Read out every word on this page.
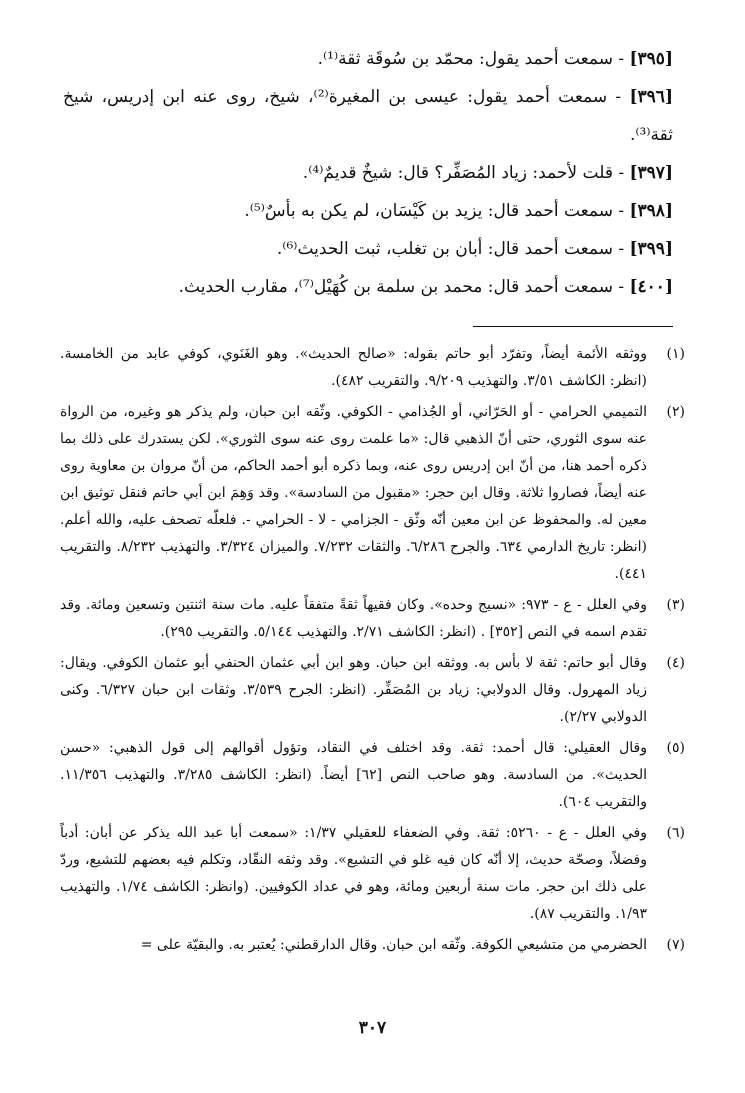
[٣٩٥] - سمعت أحمد يقول: محمّد بن سُوقَة ثقة⁽¹⁾.
[٣٩٦] - سمعت أحمد يقول: عيسى بن المغيرة⁽²⁾، شيخ، روى عنه ابن إدريس، شيخ ثقة⁽³⁾.
[٣٩٧] - قلت لأحمد: زياد المُصَفِّر؟ قال: شيخٌ قديمٌ⁽⁴⁾.
[٣٩٨] - سمعت أحمد قال: يزيد بن كَيْسَان، لم يكن به بأسٌ⁽⁵⁾.
[٣٩٩] - سمعت أحمد قال: أبان بن تغلب، ثبت الحديث⁽⁶⁾.
[٤٠٠] - سمعت أحمد قال: محمد بن سلمة بن كُهَيْل⁽⁷⁾، مقارب الحديث.
(١)
ووثقه الأئمة أيضاً، وتفرّد أبو حاتم بقوله: «صالح الحديث». وهو الغَنَوي، كوفي عابد من الخامسة. (انظر: الكاشف ٣/٥١. والتهذيب ٩/٢٠٩. والتقريب ٤٨٢).
(٢)
التميمي الحرامي - أو الحَرّاني، أو الجُذامي - الكوفي. وثّقه ابن حبان، ولم يذكر هو وغيره، من الرواة عنه سوى الثوري، حتى أنّ الذهبي قال: «ما علمت روى عنه سوى الثوري». لكن يستدرك على ذلك بما ذكره أحمد هنا، من أنّ ابن إدريس روى عنه، وبما ذكره أبو أحمد الحاكم، من أنّ مروان بن معاوية روى عنه أيضاً، فصاروا ثلاثة. وقال ابن حجر: «مقبول من السادسة». وقد وَهِمَ ابن أبي حاتم فنقل توثيق ابن معين له. والمحفوظ عن ابن معين أنّه وثّق - الجزامي - لا - الحرامي -. فلعلّه تصحف عليه، والله أعلم. (انظر: تاريخ الدارمي ٦٣٤. والجرح ٦/٢٨٦. والثقات ٧/٢٣٢. والميزان ٣/٣٢٤. والتهذيب ٨/٢٣٢. والتقريب ٤٤١).
(٣)
وفي العلل - ع - ٩٧٣: «نسيج وحده». وكان فقيهاً ثقةً متفقاً عليه. مات سنة اثنتين وتسعين ومائة. وقد تقدم اسمه في النص [٣٥٢] . (انظر: الكاشف ٢/٧١. والتهذيب ٥/١٤٤. والتقريب ٢٩٥).
(٤)
وقال أبو حاتم: ثقة لا بأس به. ووثقه ابن حبان. وهو ابن أبي عثمان الحنفي أبو عثمان الكوفي. ويقال: زياد المهرول. وقال الدولابي: زياد بن المُصَفِّر. (انظر: الجرح ٣/٥٣٩. وثقات ابن حبان ٦/٣٢٧. وكنى الدولابي ٢/٢٧).
(٥)
وقال العقيلي: قال أحمد: ثقة. وقد اختلف في النقاد، وتؤول أقوالهم إلى قول الذهبي: «حسن الحديث». من السادسة. وهو صاحب النص [٦٢] أيضاً. (انظر: الكاشف ٣/٢٨٥. والتهذيب ١١/٣٥٦. والتقريب ٦٠٤).
(٦)
وفي العلل - ع - ٥٢٦٠: ثقة. وفي الضعفاء للعقيلي ١/٣٧: «سمعت أبا عبد الله يذكر عن أبان: أدباً وفضلاً، وصحّة حديث، إلا أنّه كان فيه غلو في التشيع». وقد وثقه النقّاد، وتكلم فيه بعضهم للتشيع، وردّ على ذلك ابن حجر. مات سنة أربعين ومائة، وهو في عداد الكوفيين. (وانظر: الكاشف ١/٧٤. والتهذيب ١/٩٣. والتقريب ٨٧).
(٧)
الحضرمي من متشيعي الكوفة. وثّقه ابن حبان. وقال الدارقطني: يُعتبر به. والبقيّة على =
٣٠٧
